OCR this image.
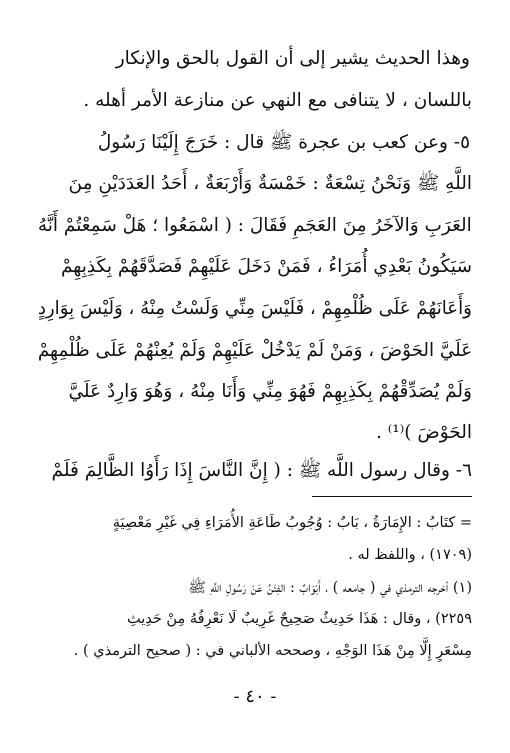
وهذا الحديث يشير إلى أن القول بالحق والإنكار
باللسان ، لا يتنافى مع النهي عن منازعة الأمر أهله .
٥- وعن كعب بن عجرة ﷺ قال : خَرَجَ إِلَيْنَا رَسُولُ
اللَّهِ ﷺ وَنَحْنُ تِسْعَةٌ : خَمْسَةٌ وَأَرْبَعَةٌ ، أَحَدُ العَدَدَيْنِ مِنَ
العَرَبِ وَالآخَرُ مِنَ العَجَمِ فَقَالَ : ( اسْمَعُوا ؛ هَلْ سَمِعْتُمْ أَنَّهُ
سَيَكُونُ بَعْدِي أُمَرَاءُ ، فَمَنْ دَخَلَ عَلَيْهِمْ فَصَدَّقَهُمْ بِكَذِبِهِمْ
وَأَعَانَهُمْ عَلَى ظُلْمِهِمْ ، فَلَيْسَ مِنِّي وَلَسْتُ مِنْهُ ، وَلَيْسَ بِوَارِدٍ
عَلَيَّ الحَوْضَ ، وَمَنْ لَمْ يَدْخُلْ عَلَيْهِمْ وَلَمْ يُعِنْهُمْ عَلَى ظُلْمِهِمْ
وَلَمْ يُصَدِّقْهُمْ بِكَذِبِهِمْ فَهُوَ مِنِّي وَأَنَا مِنْهُ ، وَهُوَ وَارِدٌ عَلَيَّ
الحَوْضَ )⁽¹⁾ .
٦- وقال رسول اللَّه ﷺ : ( إِنَّ النَّاسَ إِذَا رَأَوُا الظَّالِمَ فَلَمْ
= كتَابُ : الإِمَارَةُ ، بَابٌ : وُجُوبُ طَاعَةِ الأُمَرَاءِ فِي غَيْرِ مَعْصِيَةٍ
(١٧٠٩) ، واللفظ له .
(١) أخرجه الترمذي في ( جامعه ) ، أَبْوَابٌ : الفِتَنُ عَنْ رَسُولِ اللَّهِ ﷺ
٢٢٥٩) ، وقال : هَذَا حَدِيثٌ صَحِيحٌ غَرِيبٌ لَا نَعْرِفُهُ مِنْ حَدِيثِ
مِسْعَرٍ إِلَّا مِنْ هَذَا الوَجْهِ ، وصححه الألباني في : ( صحيح الترمذي ) .
- ٤٠ -
